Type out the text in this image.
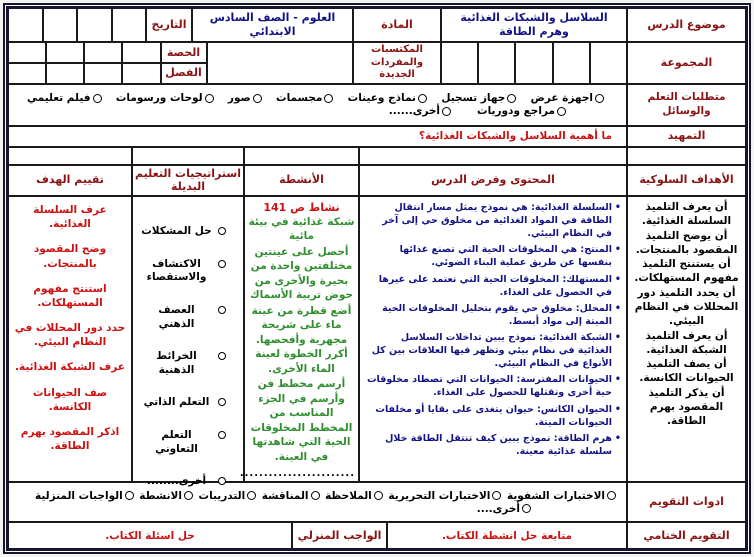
موضوع الدرس
السلاسل والشبكات الغذائية وهرم الطاقة
المادة
العلوم - الصف السادس الابتدائي
التاريخ
المجموعة
المكتسبات والمفردات الجديدة
الحصة
الفصل
متطلبات التعلم والوسائل
اجهزة عرض
جهاز تسجيل
نماذج وعينات
مجسمات
صور
لوحات ورسومات
فيلم تعليمي
مراجع ودوريات
أخرى......
التمهيد
ما أهمية السلاسل والشبكات الغذائية؟
الأهداف السلوكية
المحتوى وفرض الدرس
الأنشطة
استراتيجيات التعليم البديلة
تقييم الهدف
أن يعرف التلميذ السلسلة الغذائية.
أن يوضح التلميذ المقصود بالمنتجات.
أن يستنتج التلميذ مفهوم المستهلكات.
أن يحدد التلميذ دور المحللات في النظام البيئي.
أن يعرف التلميذ الشبكة الغذائية.
أن يصف التلميذ الحيوانات الكانسة.
أن يذكر التلميذ المقصود بهرم الطاقة.
• السلسلة الغذائية: هي نموذج يمثل مسار انتقال الطاقة في المواد الغذائية من مخلوق حي إلى آخر في النظام البيئي.
• المنتج: هي المخلوقات الحية التي تصنع غذائها بنفسها عن طريق عملية البناء الضوئي.
• المستهلك: المخلوقات الحية التي تعتمد على غيرها في الحصول على الغذاء.
• المحلل: مخلوق حي يقوم بتحليل المخلوقات الحية الميتة إلى مواد أبسط.
• الشبكة الغذائية: نموذج يبين تداخلات السلاسل الغذائية في نظام بيئي وتظهر فيها العلاقات بين كل الأنواع في النظام البيئي.
• الحيوانات المفترسة: الحيوانات التي تصطاد مخلوقات حية أخرى وتقتلها للحصول على الغذاء.
• الحيوان الكانس: حيوان يتغذى على بقايا أو مخلفات الحيوانات الميتة.
• هرم الطاقة: نموذج يبين كيف تنتقل الطاقة خلال سلسلة غذائية معينة.
نشاط ص 141
شبكة غذائية في بيئة مائية
أحصل على عينتين مختلفتين واحدة من بحيرة والأخرى من حوض تربية الأسماك
أضع قطرة من عينة ماء على شريحة مجهرية وأفحصها. أكرر الخطوة لعينة الماء الأخرى.
أرسم مخطط فن وأرسم في الجزء المناسب من المخطط المخلوقات الحية التي شاهدتها في العينة.
........................
حل المشكلات
الاكتشاف والاستقصاء
العصف الذهني
الخرائط الذهنية
التعلم الذاتي
التعلم التعاوني
أخرى........
عرف السلسلة الغذائية.
وضح المقصود بالمنتجات.
استنتج مفهوم المستهلكات.
حدد دور المحللات في النظام البيئي.
عرف الشبكة الغذائية.
صف الحيوانات الكانسة.
اذكر المقصود بهرم الطاقة.
ادوات التقويم
الاختبارات الشفوية
الاختبارات التحريرية
الملاحظة
المناقشة
التدريبات
الانشطة
الواجبات المنزلية
أخرى....
التقويم الختامي
متابعة حل انشطة الكتاب.
الواجب المنزلي
حل اسئلة الكتاب.
